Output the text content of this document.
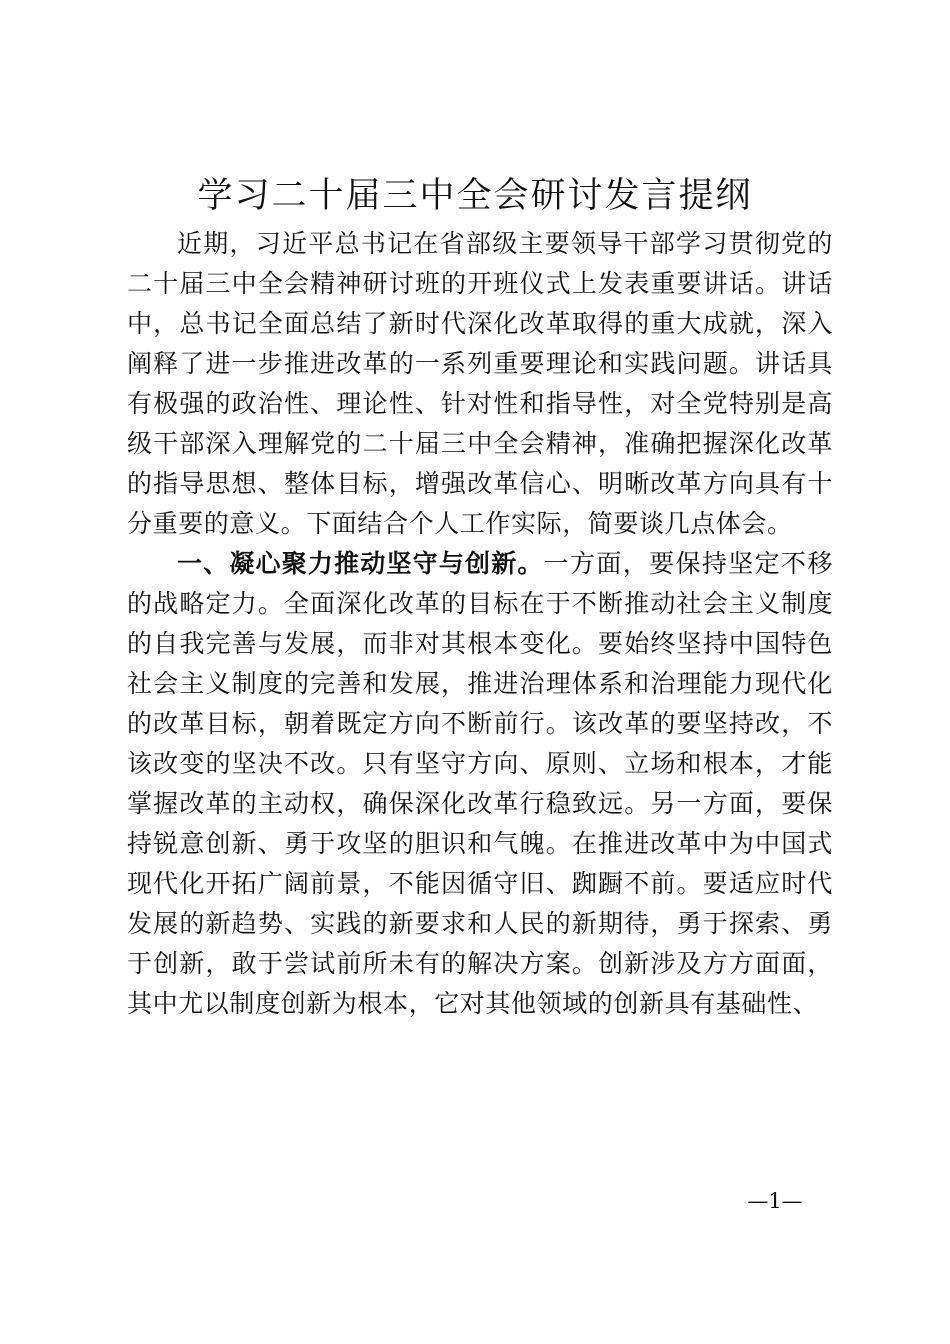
学习二十届三中全会研讨发言提纲

近期，习近平总书记在省部级主要领导干部学习贯彻党的二十届三中全会精神研讨班的开班仪式上发表重要讲话。讲话中，总书记全面总结了新时代深化改革取得的重大成就，深入阐释了进一步推进改革的一系列重要理论和实践问题。讲话具有极强的政治性、理论性、针对性和指导性，对全党特别是高级干部深入理解党的二十届三中全会精神，准确把握深化改革的指导思想、整体目标，增强改革信心、明晰改革方向具有十分重要的意义。下面结合个人工作实际，简要谈几点体会。

一、凝心聚力推动坚守与创新。一方面，要保持坚定不移的战略定力。全面深化改革的目标在于不断推动社会主义制度的自我完善与发展，而非对其根本变化。要始终坚持中国特色社会主义制度的完善和发展，推进治理体系和治理能力现代化的改革目标，朝着既定方向不断前行。该改革的要坚持改，不该改变的坚决不改。只有坚守方向、原则、立场和根本，才能掌握改革的主动权，确保深化改革行稳致远。另一方面，要保持锐意创新、勇于攻坚的胆识和气魄。在推进改革中为中国式现代化开拓广阔前景，不能因循守旧、踟蹰不前。要适应时代发展的新趋势、实践的新要求和人民的新期待，勇于探索、勇于创新，敢于尝试前所未有的解决方案。创新涉及方方面面，其中尤以制度创新为根本，它对其他领域的创新具有基础性、

—1—
